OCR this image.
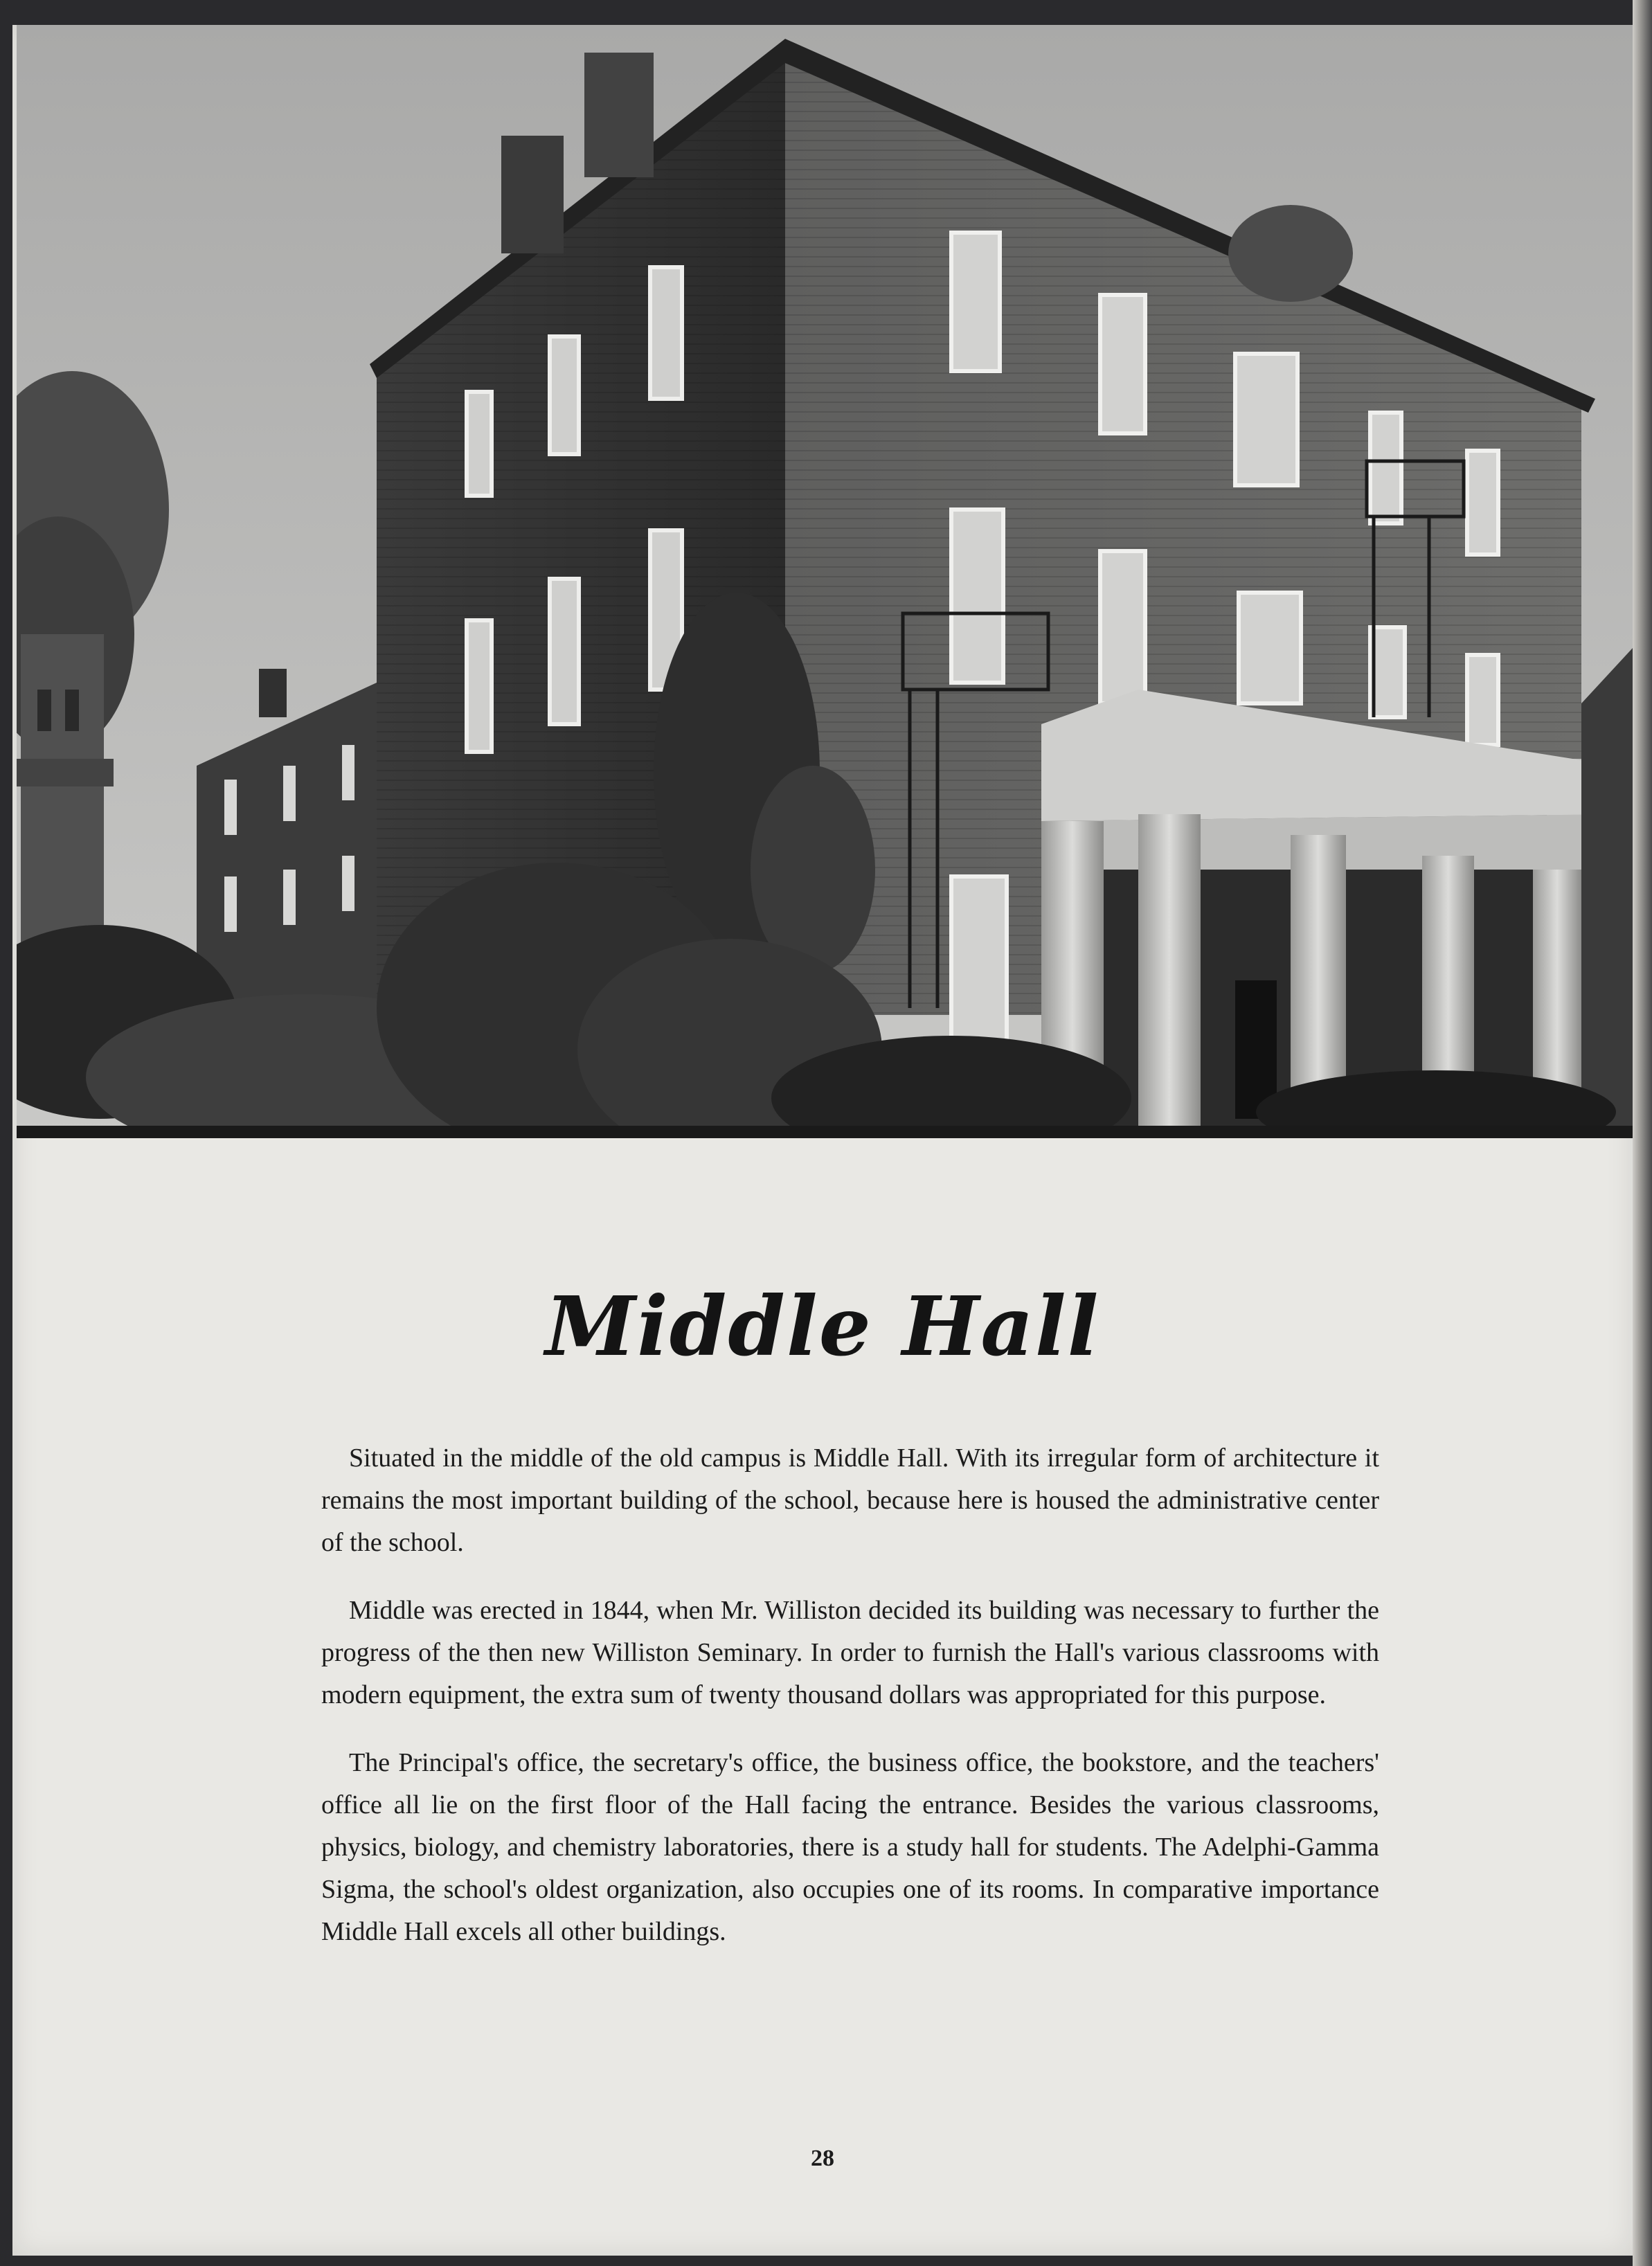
Middle Hall

Situated in the middle of the old campus is Middle Hall. With its irregular form of architecture it remains the most important building of the school, because here is housed the administrative center of the school.

Middle was erected in 1844, when Mr. Williston decided its building was necessary to further the progress of the then new Williston Seminary. In order to furnish the Hall's various classrooms with modern equipment, the extra sum of twenty thousand dollars was appropriated for this purpose.

The Principal's office, the secretary's office, the business office, the bookstore, and the teachers' office all lie on the first floor of the Hall facing the entrance. Besides the various classrooms, physics, biology, and chemistry laboratories, there is a study hall for students. The Adelphi-Gamma Sigma, the school's oldest organization, also occupies one of its rooms. In comparative importance Middle Hall excels all other buildings.

28
